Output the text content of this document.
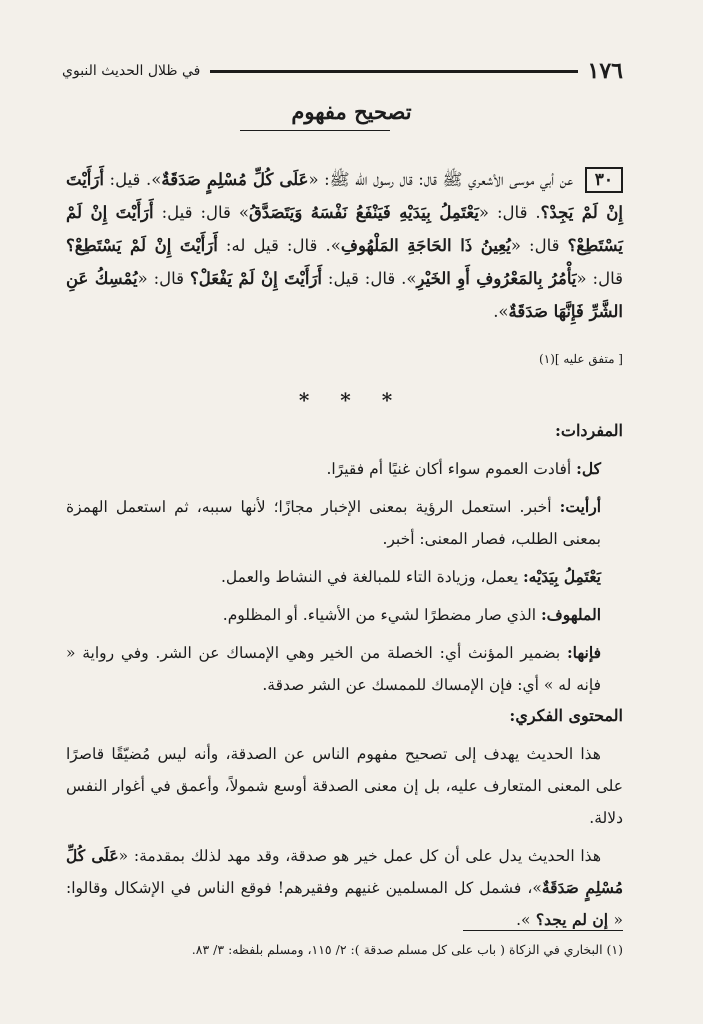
١٧٦
في ظلال الحديث النبوي
تصحيح مفهوم
٣٠ عن أبي موسى الأشعري ﷺ قال: قال رسول الله ﷺ: «عَلَى كُلِّ مُسْلِمٍ صَدَقَةٌ». قيل: أَرَأَيْتَ إِنْ لَمْ يَجِدْ؟. قال: «يَعْتَمِلُ بِيَدَيْهِ فَيَنْفَعُ نَفْسَهُ وَيَتَصَدَّقُ» قال: قيل: أَرَأَيْتَ إِنْ لَمْ يَسْتَطِعْ؟ قال: «يُعِينُ ذَا الحَاجَةِ المَلْهُوفِ». قال: قيل له: أَرَأَيْتَ إِنْ لَمْ يَسْتَطِعْ؟ قال: «يَأْمُرُ بِالمَعْرُوفِ أَوِ الخَيْرِ». قال: قيل: أَرَأَيْتَ إِنْ لَمْ يَفْعَلْ؟ قال: «يُمْسِكُ عَنِ الشَّرِّ فَإِنَّهَا صَدَقَةٌ».
[ متفق عليه ](١)
* * *
المفردات:
كل: أفادت العموم سواء أكان غنيًا أم فقيرًا.
أرأيت: أخبر. استعمل الرؤية بمعنى الإخبار مجازًا؛ لأنها سببه، ثم استعمل الهمزة بمعنى الطلب، فصار المعنى: أخبر.
يَعْتَمِلُ بِيَدَيْه: يعمل، وزيادة التاء للمبالغة في النشاط والعمل.
الملهوف: الذي صار مضطرًا لشيء من الأشياء. أو المظلوم.
فإنها: بضمير المؤنث أي: الخصلة من الخير وهي الإمساك عن الشر. وفي رواية « فإنه له » أي: فإن الإمساك للممسك عن الشر صدقة.
المحتوى الفكري:
هذا الحديث يهدف إلى تصحيح مفهوم الناس عن الصدقة، وأنه ليس مُضيّقًا قاصرًا على المعنى المتعارف عليه، بل إن معنى الصدقة أوسع شمولاً، وأعمق في أغوار النفس دلالة.
هذا الحديث يدل على أن كل عمل خير هو صدقة، وقد مهد لذلك بمقدمة: «عَلَى كُلِّ مُسْلِمٍ صَدَقَةٌ»، فشمل كل المسلمين غنيهم وفقيرهم! فوقع الناس في الإشكال وقالوا: « إن لم يجد؟ ».
(١) البخاري في الزكاة ( باب على كل مسلم صدقة ): ٢/ ١١٥، ومسلم بلفظه: ٣/ ٨٣.
